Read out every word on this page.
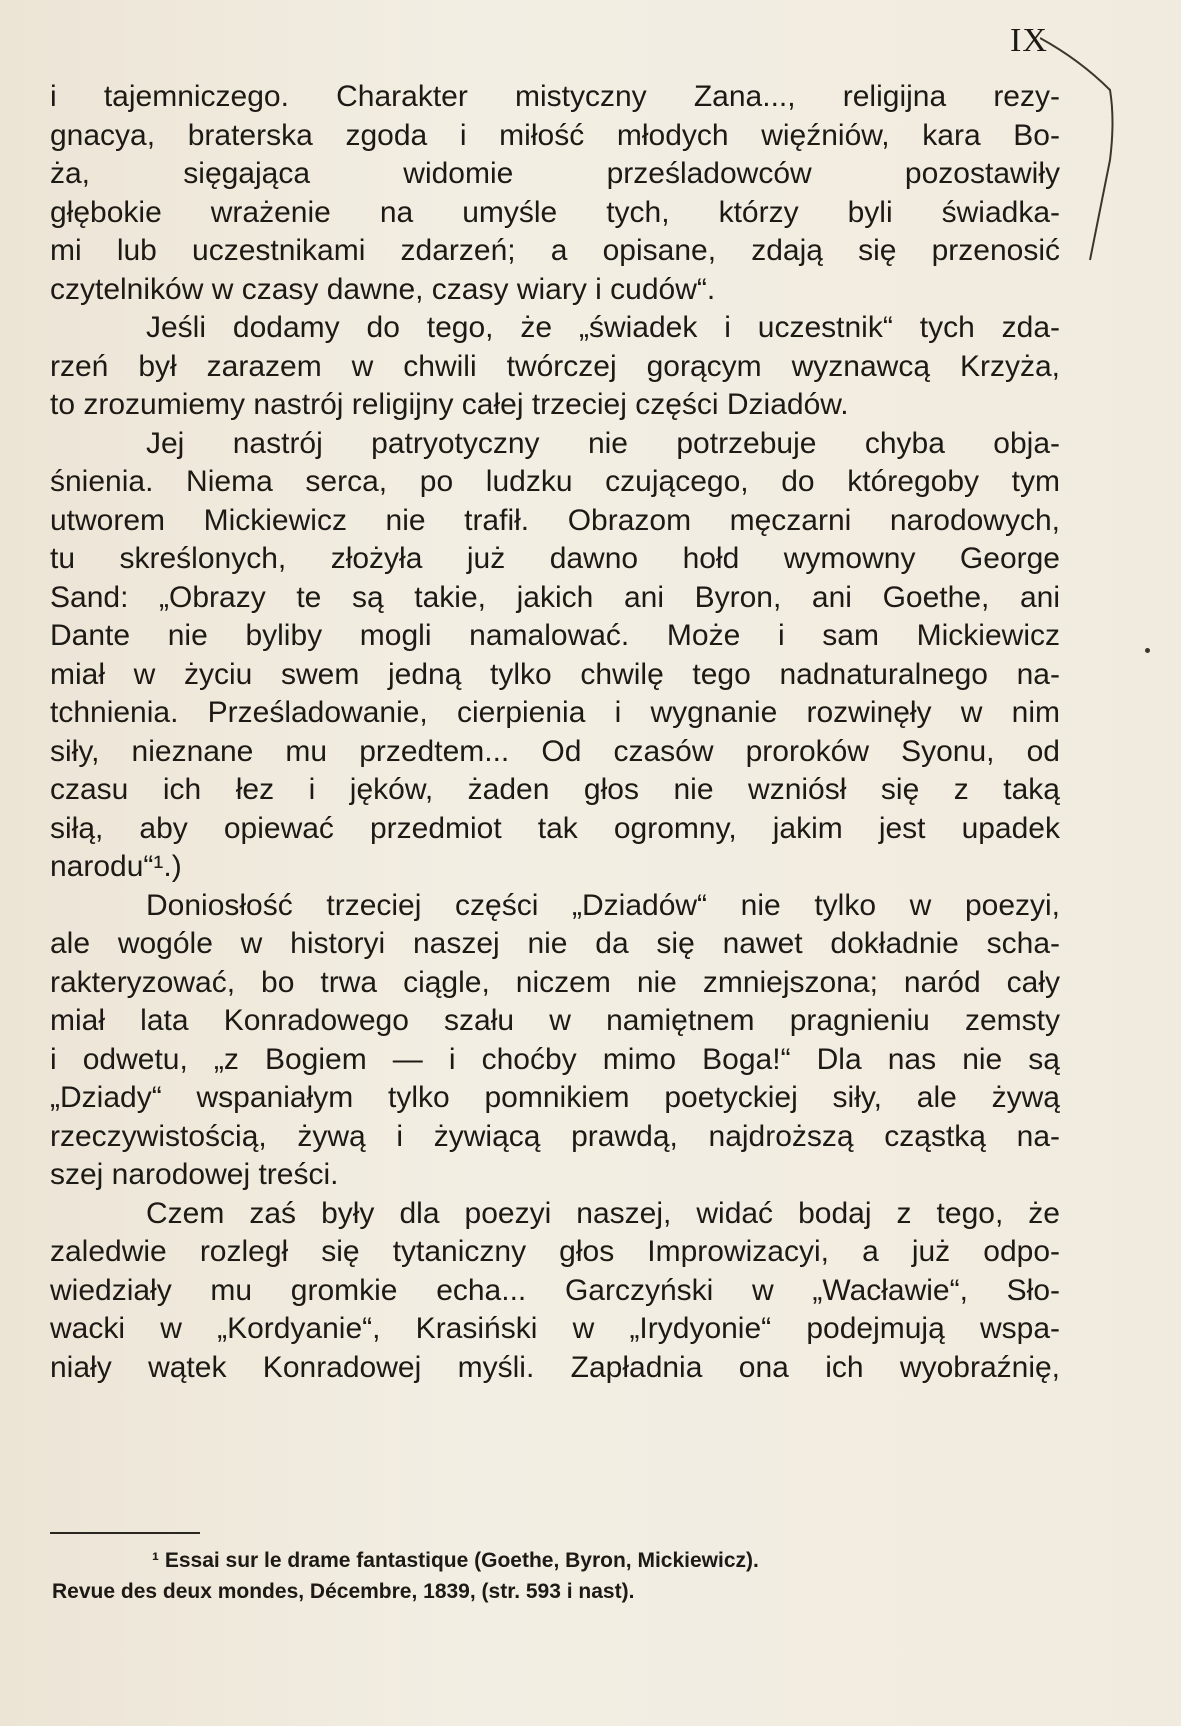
IX
i tajemniczego. Charakter mistyczny Zana..., religijna rezy-
gnacya, braterska zgoda i miłość młodych więźniów, kara Bo-
ża, sięgająca widomie prześladowców pozostawiły
głębokie wrażenie na umyśle tych, którzy byli świadka-
mi lub uczestnikami zdarzeń; a opisane, zdają się przenosić
czytelników w czasy dawne, czasy wiary i cudów“.
Jeśli dodamy do tego, że „świadek i uczestnik“ tych zda-
rzeń był zarazem w chwili twórczej gorącym wyznawcą Krzyża,
to zrozumiemy nastrój religijny całej trzeciej części Dziadów.
Jej nastrój patryotyczny nie potrzebuje chyba obja-
śnienia. Niema serca, po ludzku czującego, do któregoby tym
utworem Mickiewicz nie trafił. Obrazom męczarni narodowych,
tu skreślonych, złożyła już dawno hołd wymowny George
Sand: „Obrazy te są takie, jakich ani Byron, ani Goethe, ani
Dante nie byliby mogli namalować. Może i sam Mickiewicz
miał w życiu swem jedną tylko chwilę tego nadnaturalnego na-
tchnienia. Prześladowanie, cierpienia i wygnanie rozwinęły w nim
siły, nieznane mu przedtem... Od czasów proroków Syonu, od
czasu ich łez i jęków, żaden głos nie wzniósł się z taką
siłą, aby opiewać przedmiot tak ogromny, jakim jest upadek
narodu“¹.)
Doniosłość trzeciej części „Dziadów“ nie tylko w poezyi,
ale wogóle w historyi naszej nie da się nawet dokładnie scha-
rakteryzować, bo trwa ciągle, niczem nie zmniejszona; naród cały
miał lata Konradowego szału w namiętnem pragnieniu zemsty
i odwetu, „z Bogiem — i choćby mimo Boga!“ Dla nas nie są
„Dziady“ wspaniałym tylko pomnikiem poetyckiej siły, ale żywą
rzeczywistością, żywą i żywiącą prawdą, najdroższą cząstką na-
szej narodowej treści.
Czem zaś były dla poezyi naszej, widać bodaj z tego, że
zaledwie rozległ się tytaniczny głos Improwizacyi, a już odpo-
wiedziały mu gromkie echa... Garczyński w „Wacławie“, Sło-
wacki w „Kordyanie“, Krasiński w „Irydyonie“ podejmują wspa-
niały wątek Konradowej myśli. Zapładnia ona ich wyobraźnię,
¹ Essai sur le drame fantastique (Goethe, Byron, Mickiewicz).
Revue des deux mondes, Décembre, 1839, (str. 593 i nast).
